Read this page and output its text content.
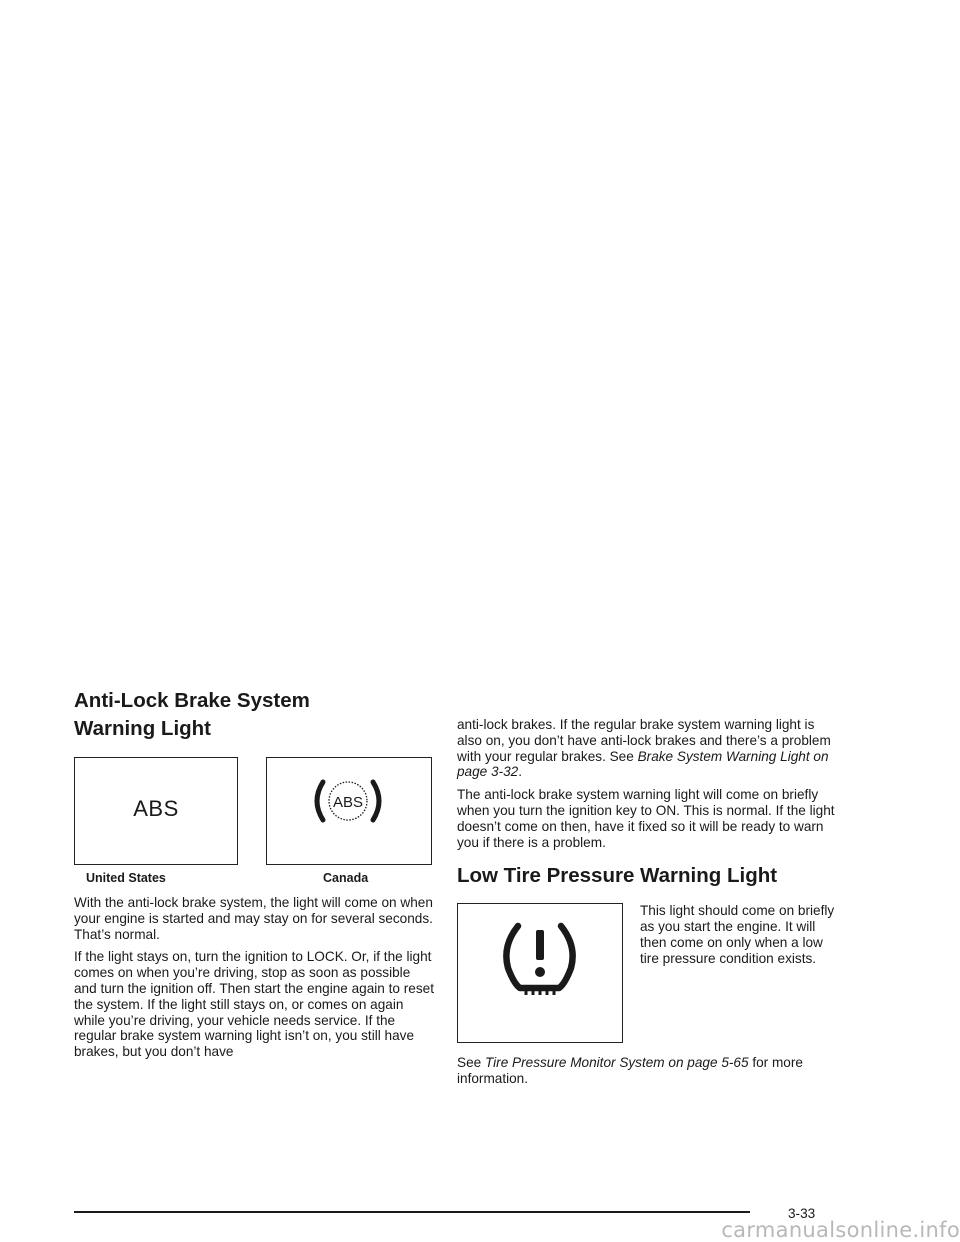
Anti-Lock Brake System
Warning Light
ABS	ABS
United States	Canada

With the anti-lock brake system, the light will come on when your engine is started and may stay on for several seconds. That’s normal.

If the light stays on, turn the ignition to LOCK. Or, if the light comes on when you’re driving, stop as soon as possible and turn the ignition off. Then start the engine again to reset the system. If the light still stays on, or comes on again while you’re driving, your vehicle needs service. If the regular brake system warning light isn’t on, you still have brakes, but you don’t have

anti-lock brakes. If the regular brake system warning light is also on, you don’t have anti-lock brakes and there’s a problem with your regular brakes. See Brake System Warning Light on page 3-32.

The anti-lock brake system warning light will come on briefly when you turn the ignition key to ON. This is normal. If the light doesn’t come on then, have it fixed so it will be ready to warn you if there is a problem.

Low Tire Pressure Warning Light

This light should come on briefly as you start the engine. It will then come on only when a low tire pressure condition exists.

See Tire Pressure Monitor System on page 5-65 for more information.

3-33
carmanualsonline.info
